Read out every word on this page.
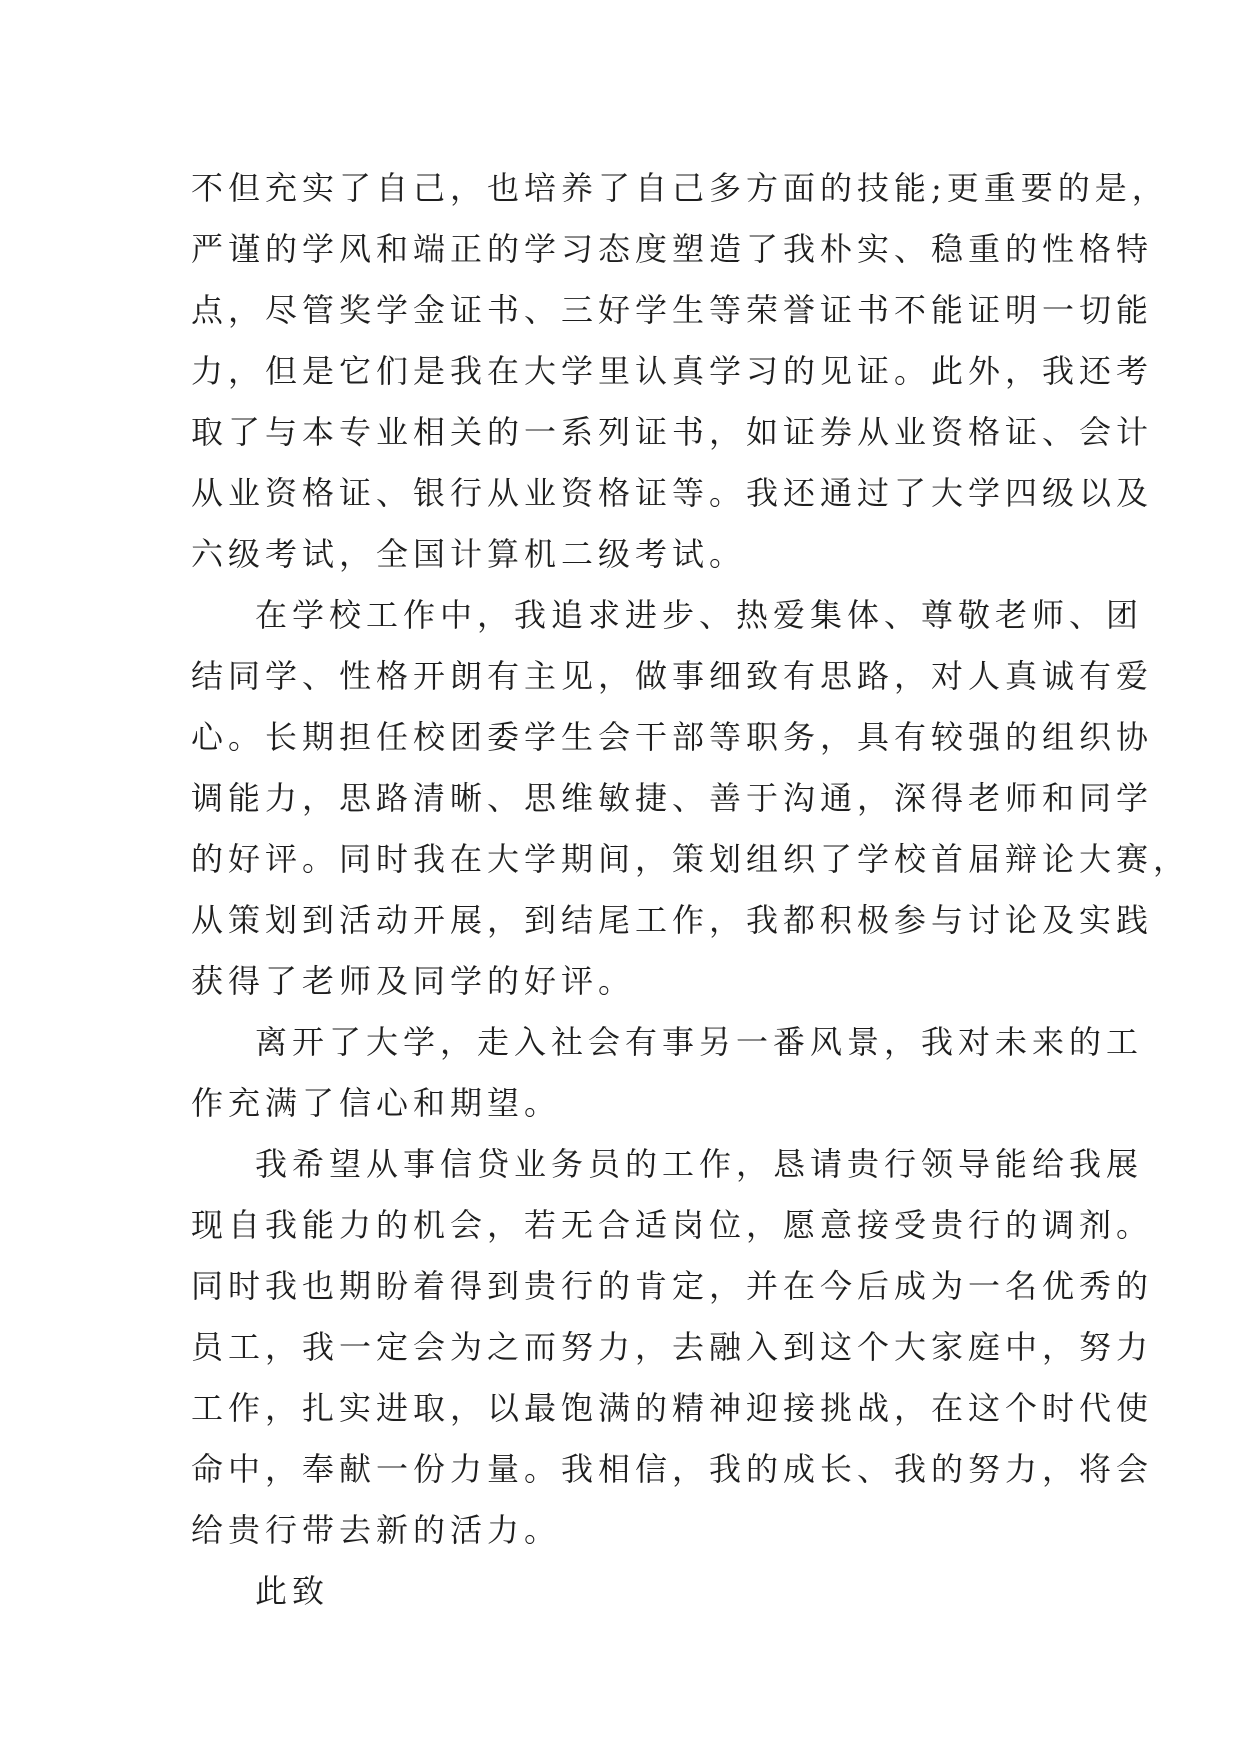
不但充实了自己，也培养了自己多方面的技能;更重要的是，
严谨的学风和端正的学习态度塑造了我朴实、稳重的性格特
点，尽管奖学金证书、三好学生等荣誉证书不能证明一切能
力，但是它们是我在大学里认真学习的见证。此外，我还考
取了与本专业相关的一系列证书，如证券从业资格证、会计
从业资格证、银行从业资格证等。我还通过了大学四级以及
六级考试，全国计算机二级考试。
在学校工作中，我追求进步、热爱集体、尊敬老师、团
结同学、性格开朗有主见，做事细致有思路，对人真诚有爱
心。长期担任校团委学生会干部等职务，具有较强的组织协
调能力，思路清晰、思维敏捷、善于沟通，深得老师和同学
的好评。同时我在大学期间，策划组织了学校首届辩论大赛，
从策划到活动开展，到结尾工作，我都积极参与讨论及实践
获得了老师及同学的好评。
离开了大学，走入社会有事另一番风景，我对未来的工
作充满了信心和期望。
我希望从事信贷业务员的工作，恳请贵行领导能给我展
现自我能力的机会，若无合适岗位，愿意接受贵行的调剂。
同时我也期盼着得到贵行的肯定，并在今后成为一名优秀的
员工，我一定会为之而努力，去融入到这个大家庭中，努力
工作，扎实进取，以最饱满的精神迎接挑战，在这个时代使
命中，奉献一份力量。我相信，我的成长、我的努力，将会
给贵行带去新的活力。
此致
